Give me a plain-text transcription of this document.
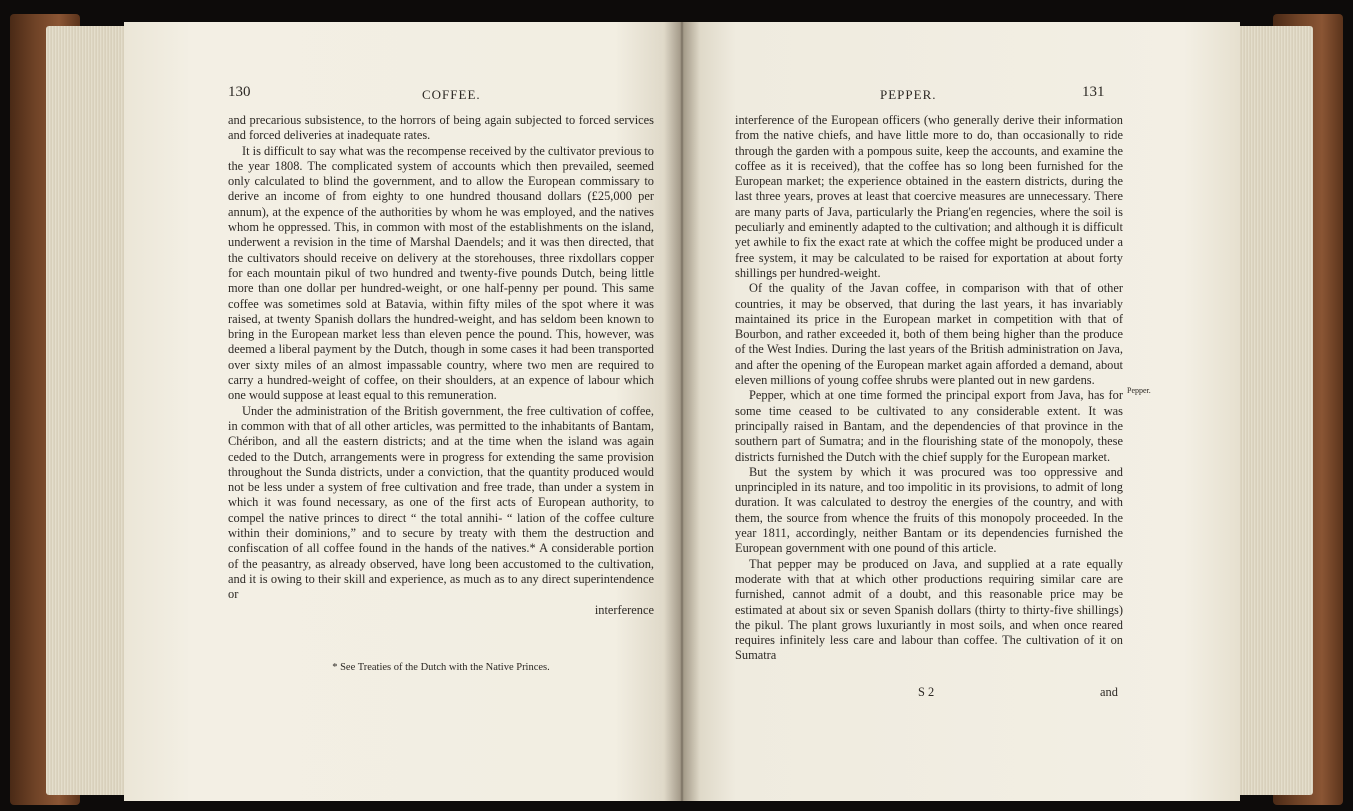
130	COFFEE.

and precarious subsistence, to the horrors of being again subjected to forced services and forced deliveries at inadequate rates.

It is difficult to say what was the recompense received by the cultivator previous to the year 1808. The complicated system of accounts which then prevailed, seemed only calculated to blind the government, and to allow the European commissary to derive an income of from eighty to one hundred thousand dollars (£25,000 per annum), at the expence of the authorities by whom he was employed, and the natives whom he oppressed. This, in common with most of the establishments on the island, underwent a revision in the time of Marshal Daendels; and it was then directed, that the cultivators should receive on delivery at the storehouses, three rixdollars copper for each mountain pikul of two hundred and twenty-five pounds Dutch, being little more than one dollar per hundred-weight, or one half-penny per pound. This same coffee was sometimes sold at Batavia, within fifty miles of the spot where it was raised, at twenty Spanish dollars the hundred-weight, and has seldom been known to bring in the European market less than eleven pence the pound. This, however, was deemed a liberal payment by the Dutch, though in some cases it had been transported over sixty miles of an almost impassable country, where two men are required to carry a hundred-weight of coffee, on their shoulders, at an expence of labour which one would suppose at least equal to this remuneration.

Under the administration of the British government, the free cultivation of coffee, in common with that of all other articles, was permitted to the inhabitants of Bantam, Chéribon, and all the eastern districts; and at the time when the island was again ceded to the Dutch, arrangements were in progress for extending the same provision throughout the Sunda districts, under a conviction, that the quantity produced would not be less under a system of free cultivation and free trade, than under a system in which it was found necessary, as one of the first acts of European authority, to compel the native princes to direct “ the total annihi- “ lation of the coffee culture within their dominions,” and to secure by treaty with them the destruction and confiscation of all coffee found in the hands of the natives.* A considerable portion of the peasantry, as already observed, have long been accustomed to the cultivation, and it is owing to their skill and experience, as much as to any direct superintendence or

interference
* See Treaties of the Dutch with the Native Princes.
PEPPER.	131

interference of the European officers (who generally derive their information from the native chiefs, and have little more to do, than occasionally to ride through the garden with a pompous suite, keep the accounts, and examine the coffee as it is received), that the coffee has so long been furnished for the European market; the experience obtained in the eastern districts, during the last three years, proves at least that coercive measures are unnecessary. There are many parts of Java, particularly the Priang'en regencies, where the soil is peculiarly and eminently adapted to the cultivation; and although it is difficult yet awhile to fix the exact rate at which the coffee might be produced under a free system, it may be calculated to be raised for exportation at about forty shillings per hundred-weight.

Of the quality of the Javan coffee, in comparison with that of other countries, it may be observed, that during the last years, it has invariably maintained its price in the European market in competition with that of Bourbon, and rather exceeded it, both of them being higher than the produce of the West Indies. During the last years of the British administration on Java, and after the opening of the European market again afforded a demand, about eleven millions of young coffee shrubs were planted out in new gardens.

Pepper, which at one time formed the principal export from Java, has for some time ceased to be cultivated to any considerable extent. It was principally raised in Bantam, and the dependencies of that province in the southern part of Sumatra; and in the flourishing state of the monopoly, these districts furnished the Dutch with the chief supply for the European market.

But the system by which it was procured was too oppressive and unprincipled in its nature, and too impolitic in its provisions, to admit of long duration. It was calculated to destroy the energies of the country, and with them, the source from whence the fruits of this monopoly proceeded. In the year 1811, accordingly, neither Bantam or its dependencies furnished the European government with one pound of this article.

That pepper may be produced on Java, and supplied at a rate equally moderate with that at which other productions requiring similar care are furnished, cannot admit of a doubt, and this reasonable price may be estimated at about six or seven Spanish dollars (thirty to thirty-five shillings) the pikul. The plant grows luxuriantly in most soils, and when once reared requires infinitely less care and labour than coffee. The cultivation of it on Sumatra

Pepper.
S 2	and
